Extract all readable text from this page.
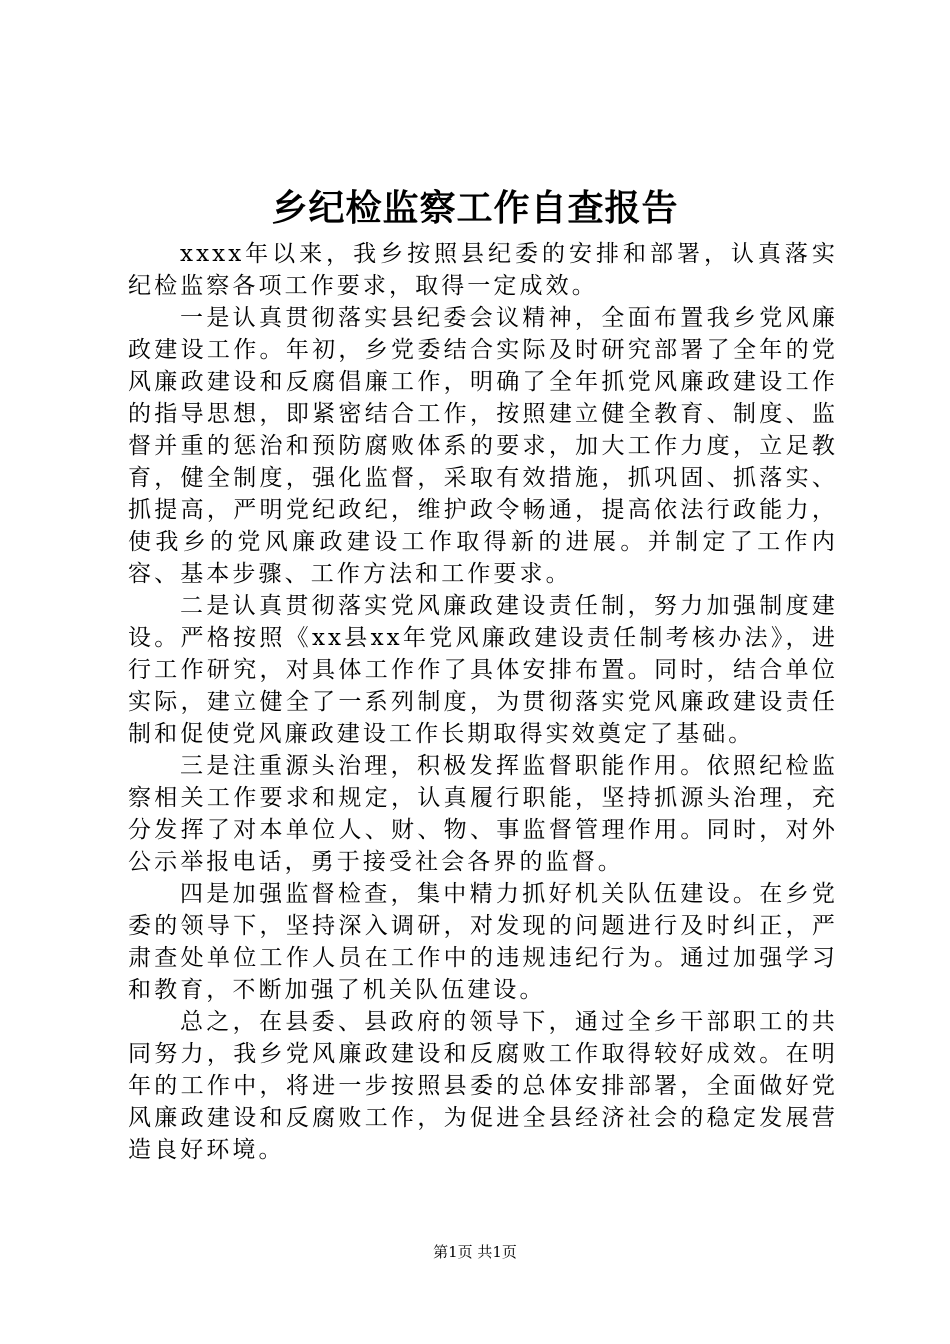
乡纪检监察工作自查报告

xxxx年以来，我乡按照县纪委的安排和部署，认真落实纪检监察各项工作要求，取得一定成效。

一是认真贯彻落实县纪委会议精神，全面布置我乡党风廉政建设工作。年初，乡党委结合实际及时研究部署了全年的党风廉政建设和反腐倡廉工作，明确了全年抓党风廉政建设工作的指导思想，即紧密结合工作，按照建立健全教育、制度、监督并重的惩治和预防腐败体系的要求，加大工作力度，立足教育，健全制度，强化监督，采取有效措施，抓巩固、抓落实、抓提高，严明党纪政纪，维护政令畅通，提高依法行政能力，使我乡的党风廉政建设工作取得新的进展。并制定了工作内容、基本步骤、工作方法和工作要求。

二是认真贯彻落实党风廉政建设责任制，努力加强制度建设。严格按照《xx县xx年党风廉政建设责任制考核办法》，进行工作研究，对具体工作作了具体安排布置。同时，结合单位实际，建立健全了一系列制度，为贯彻落实党风廉政建设责任制和促使党风廉政建设工作长期取得实效奠定了基础。

三是注重源头治理，积极发挥监督职能作用。依照纪检监察相关工作要求和规定，认真履行职能，坚持抓源头治理，充分发挥了对本单位人、财、物、事监督管理作用。同时，对外公示举报电话，勇于接受社会各界的监督。

四是加强监督检查，集中精力抓好机关队伍建设。在乡党委的领导下，坚持深入调研，对发现的问题进行及时纠正，严肃查处单位工作人员在工作中的违规违纪行为。通过加强学习和教育，不断加强了机关队伍建设。

总之，在县委、县政府的领导下，通过全乡干部职工的共同努力，我乡党风廉政建设和反腐败工作取得较好成效。在明年的工作中，将进一步按照县委的总体安排部署，全面做好党风廉政建设和反腐败工作，为促进全县经济社会的稳定发展营造良好环境。

第1页 共1页
